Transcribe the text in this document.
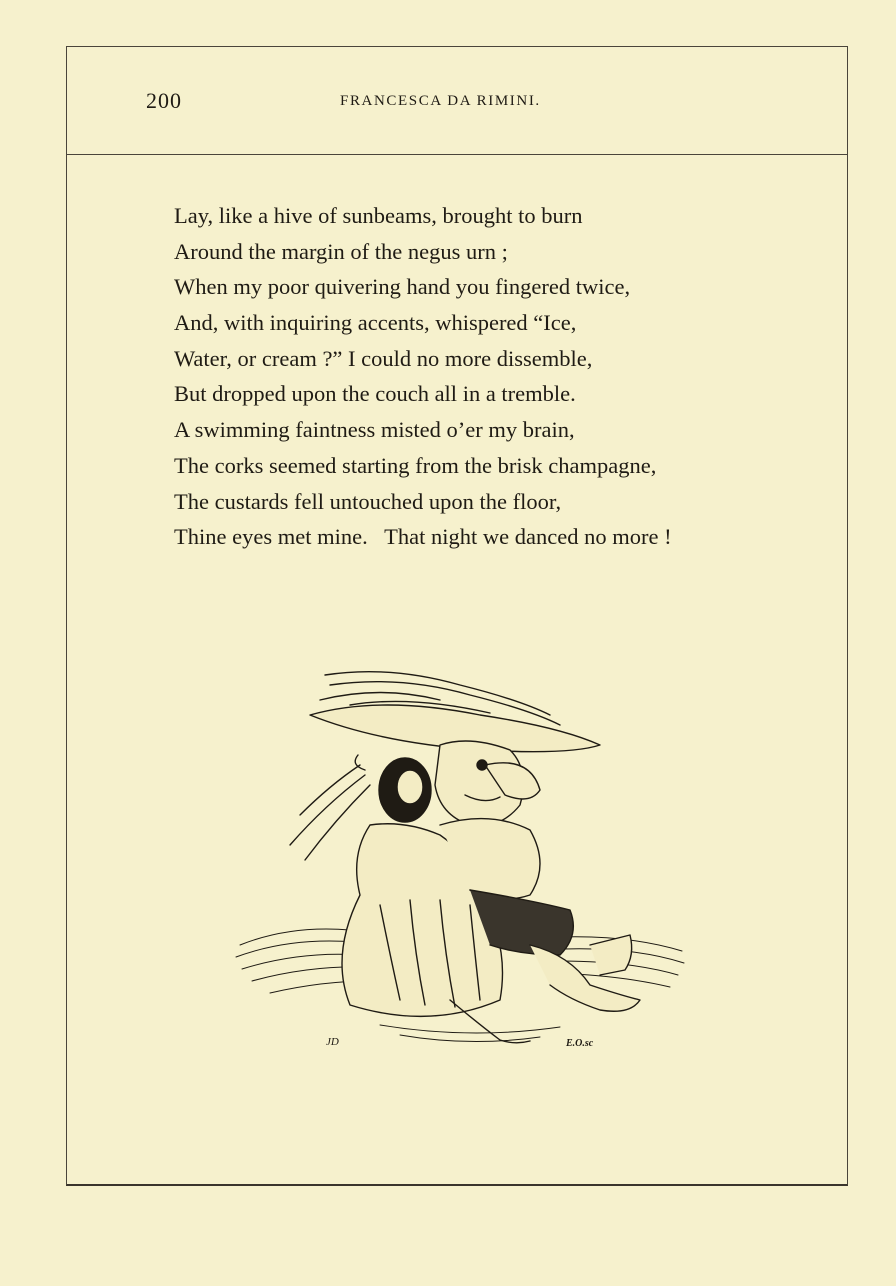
200	FRANCESCA DA RIMINI.
Lay, like a hive of sunbeams, brought to burn
Around the margin of the negus urn ;
When my poor quivering hand you fingered twice,
And, with inquiring accents, whispered “Ice,
Water, or cream ?” I could no more dissemble,
But dropped upon the couch all in a tremble.
A swimming faintness misted o’er my brain,
The corks seemed starting from the brisk champagne,
The custards fell untouched upon the floor,
Thine eyes met mine.   That night we danced no more !
JD	E.O.sc
